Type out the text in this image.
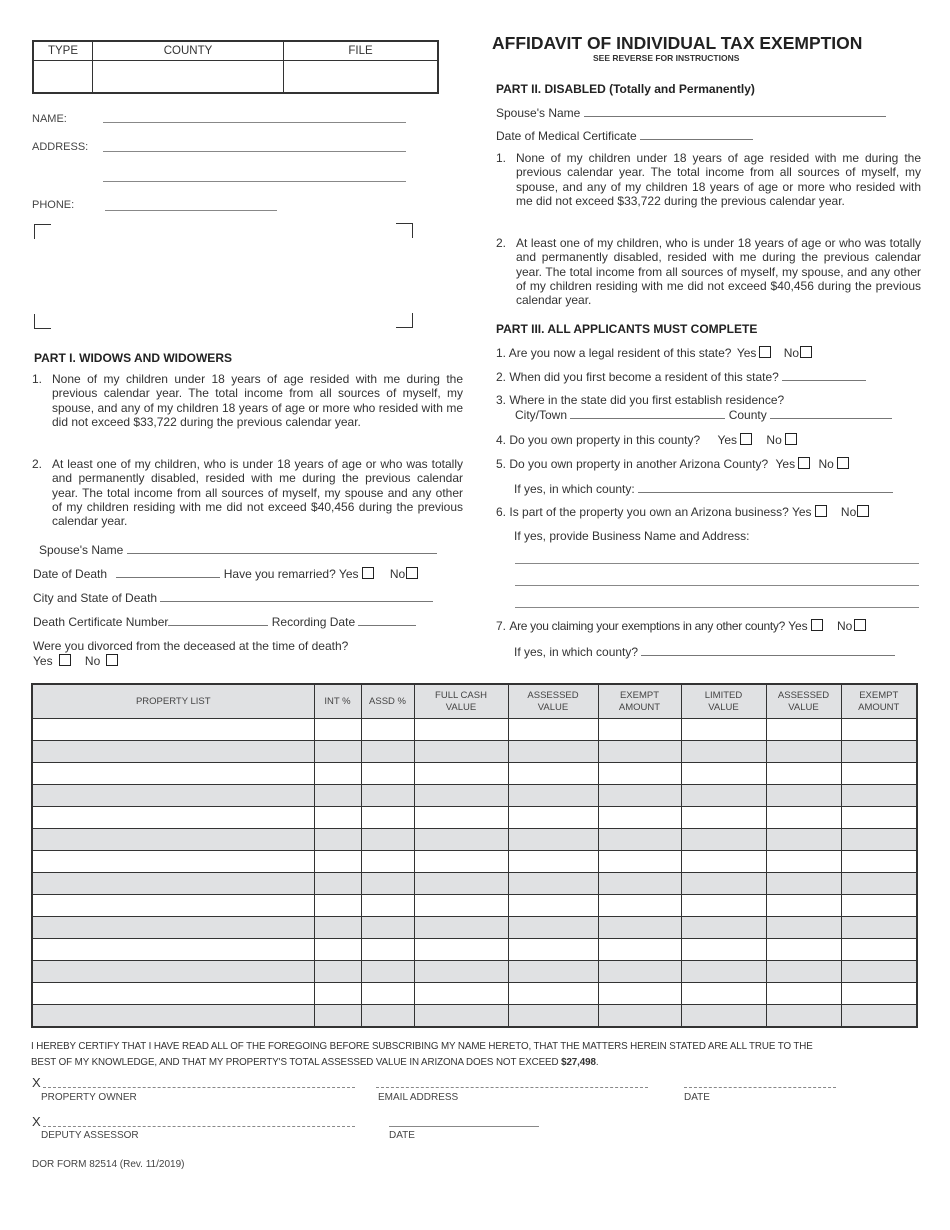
TYPE	COUNTY	FILE

NAME:
ADDRESS:
PHONE:
PART I. WIDOWS AND WIDOWERS
1. None of my children under 18 years of age resided with me during the previous calendar year. The total income from all sources of myself, my spouse, and any of my children 18 years of age or more who resided with me did not exceed $33,722 during the previous calendar year.
2. At least one of my children, who is under 18 years of age or who was totally and permanently disabled, resided with me during the previous calendar year. The total income from all sources of myself, my spouse and any other of my children residing with me did not exceed $40,456 during the previous calendar year.
Spouse's Name
Date of Death	Have you remarried? Yes	No
City and State of Death
Death Certificate Number	Recording Date
Were you divorced from the deceased at the time of death?
Yes	No
AFFIDAVIT OF INDIVIDUAL TAX EXEMPTION
SEE REVERSE FOR INSTRUCTIONS
PART II. DISABLED (Totally and Permanently)
Spouse's Name
Date of Medical Certificate
1. None of my children under 18 years of age resided with me during the previous calendar year. The total income from all sources of myself, my spouse, and any of my children 18 years of age or more who resided with me did not exceed $33,722 during the previous calendar year.
2. At least one of my children, who is under 18 years of age or who was totally and permanently disabled, resided with me during the previous calendar year. The total income from all sources of myself, my spouse, and any other of my children residing with me did not exceed $40,456 during the previous calendar year.
PART III. ALL APPLICANTS MUST COMPLETE
1. Are you now a legal resident of this state? Yes No
2. When did you first become a resident of this state?
3. Where in the state did you first establish residence?
City/Town	County
4. Do you own property in this county? Yes No
5. Do you own property in another Arizona County? Yes No
If yes, in which county:
6. Is part of the property you own an Arizona business? Yes No
If yes, provide Business Name and Address:
7. Are you claiming your exemptions in any other county? Yes No
If yes, in which county?
PROPERTY LIST	INT %	ASSD %	FULL CASH VALUE	ASSESSED VALUE	EXEMPT AMOUNT	LIMITED VALUE	ASSESSED VALUE	EXEMPT AMOUNT

I HEREBY CERTIFY THAT I HAVE READ ALL OF THE FOREGOING BEFORE SUBSCRIBING MY NAME HERETO, THAT THE MATTERS HEREIN STATED ARE ALL TRUE TO THE
BEST OF MY KNOWLEDGE, AND THAT MY PROPERTY'S TOTAL ASSESSED VALUE IN ARIZONA DOES NOT EXCEED $27,498.
X
PROPERTY OWNER	EMAIL ADDRESS	DATE
X
DEPUTY ASSESSOR	DATE
DOR FORM 82514 (Rev. 11/2019)
